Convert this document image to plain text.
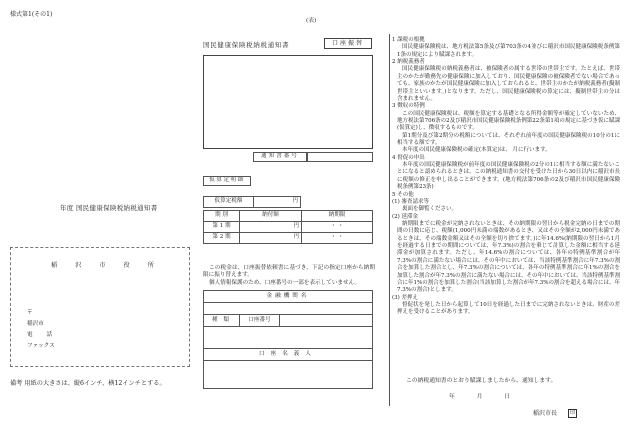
様式第1(その1)
(表)
年度 国民健康保険税納税通知書
稲 沢 市 役 所
〒
稲沢市
電 話
ファックス
備考 用紙の大きさは、縦6インチ、横12インチとする。
国民健康保険税納税通知書	口座振替
通知書番号
仮算定明細
仮算定税額	円
期 別	納付額	納期限
第 1 期	円	・ ・
第 2 期	円	・ ・
この税金は、口座振替依頼書に基づき、下記の指定口座から納期限に振り替えます。
個人情報保護のため、口座番号の一部を表示していません。
金融機関名

種 類	口座番号	

口座名義人

1 課税の根拠
国民健康保険税は、地方税法第5条及び第703条の4並びに稲沢市国民健康保険税条例第1条の規定により賦課されます。
2 納税義務者
国民健康保険税の納税義務者は、被保険者の属する世帯の世帯主です。たとえば、世帯主のかたが勤務先の健康保険に加入しており、国民健康保険の被保険者でない場合であっても、家族のかたが国民健康保険に加入しておられると、世帯主のかたが納税義務者(擬制世帯主といいます。)となります。ただし、国民健康保険税の算定には、擬制世帯主の分は含まれません。
3 徴収の特例
この国民健康保険税は、税額を算定する基礎となる所得金額等が確定していないため、地方税法第706条の2及び稲沢市国民健康保険税条例第22条第1項の規定に基づき仮に賦課(仮算定)し、徴収するものです。
第1期分及び第2期分の税額については、それぞれ前年度の国民健康保険税の10分の1に相当する額です。
本年度の国民健康保険税の確定(本算定)は、 月に行います。
4 督促の申出
本年度の国民健康保険税が前年度の国民健康保険税の2分の1に相当する額に満たないことになると認められるときは、この納税通知書の交付を受けた日から30日以内に稲沢市長に税額の修正を申し出ることができます。(地方税法第706条の2及び稲沢市国民健康保険税条例第23条)
5 その他
(1) 審査請求等
裏面を御覧ください。
(2) 延滞金
納期限までに税金が完納されないときは、その納期限の翌日から税金完納の日までの期間の日数に応じ、税額(1,000円未満の端数があるとき、又はその全額が2,000円未満であるときは、その端数金額又はその全額を切り捨てます。)に年14.6%(納期限の翌日から1月を経過する日までの期間については、年7.3%)の割合を乗じて計算した金額に相当する延滞金が加算されます。ただし、年14.6%の割合については、各年の特例基準割合が年7.3%の割合に満たない場合には、その年中においては、当該特例基準割合に年7.3%の割合を加算した割合とし、年7.3%の割合については、各年の特例基準割合に年1%の割合を加算した割合が年7.3%の割合に満たない場合には、その年中においては、当該特例基準割合に年1%の割合を加算した割合(当該加算した割合が年7.3%の割合を超える場合には、年7.3%の割合)とします。
(3) 差押え
督促状を発した日から起算して10日を経過した日までに完納されないときは、財産の差押えを受けることがあります。
この納税通知書のとおり賦課しましたから、通知します。
年 月 日
稲沢市長	印
